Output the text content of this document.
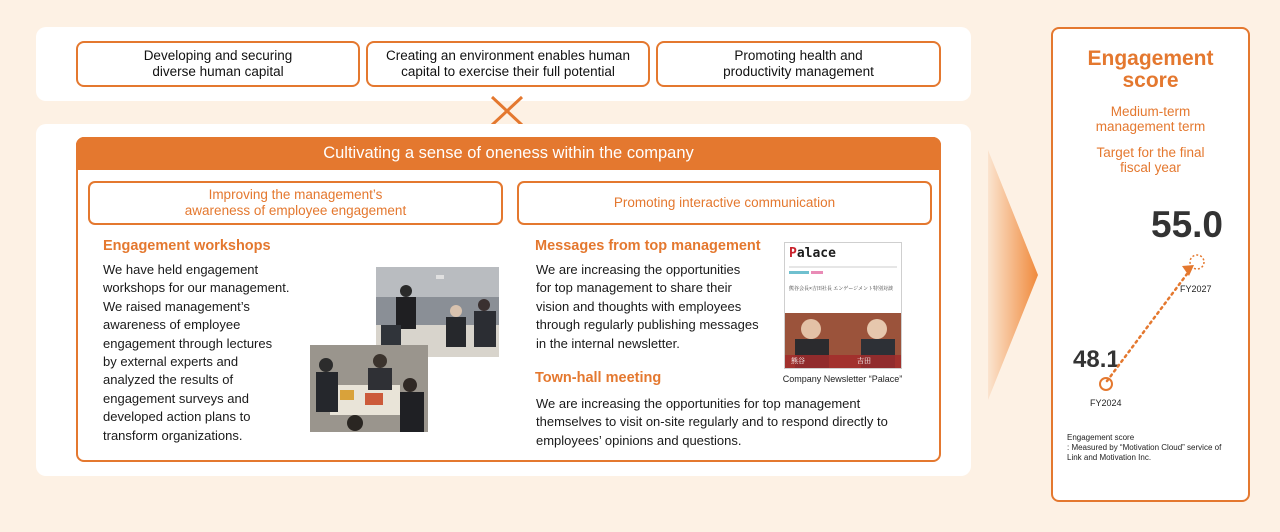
Developing and securing
diverse human capital
Creating an environment enables human
capital to exercise their full potential
Promoting health and
productivity management
Cultivating a sense of oneness within the company
Improving the management’s
awareness of employee engagement
Promoting interactive communication
Engagement workshops
We have held engagement
workshops for our management.
We raised management’s
awareness of employee
engagement through lectures
by external experts and
analyzed the results of
engagement surveys and
developed action plans to
transform organizations.
Messages from top management
We are increasing the opportunities
for top management to share their
vision and thoughts with employees
through regularly publishing messages
in the internal newsletter.
Palace
熊谷会長×吉田社長 エンゲージメント特別対談
熊谷	吉田
Company Newsletter “Palace”
Town-hall meeting
We are increasing the opportunities for top management
themselves to visit on-site regularly and to respond directly to
employees’ opinions and questions.
Engagement
score
Medium-term
management term
Target for the final
fiscal year
55.0
48.1
FY2027
FY2024
Engagement score
: Measured by “Motivation Cloud” service of
Link and Motivation Inc.
